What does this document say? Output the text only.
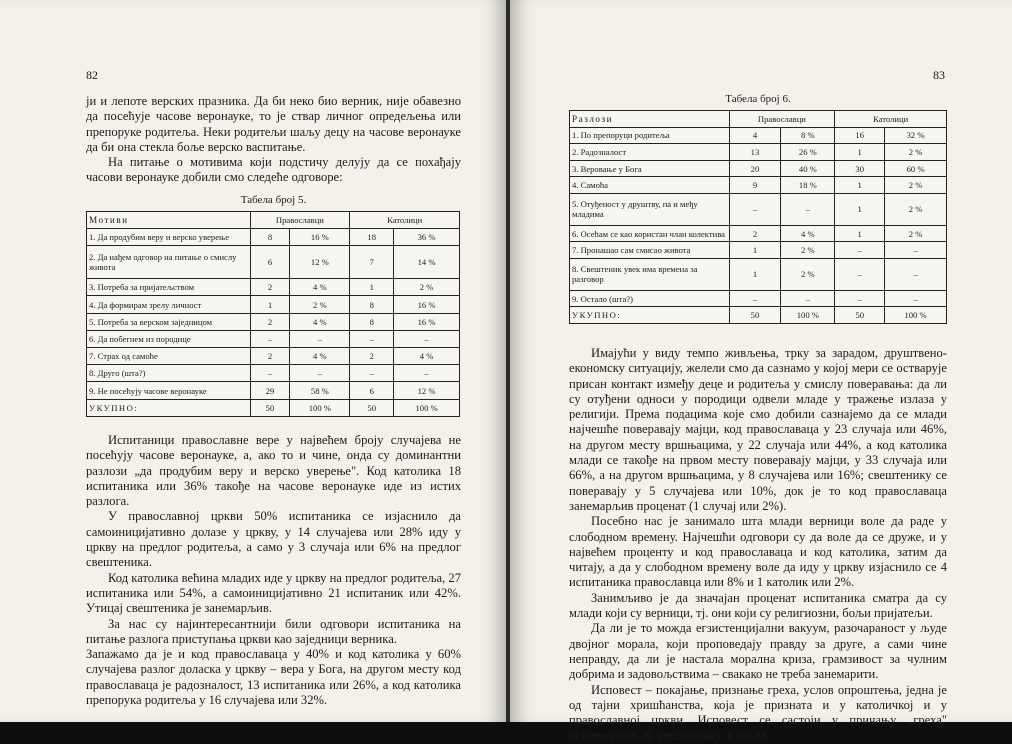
82

ји и лепоте верских празника. Да би неко био верник, није обавезно да посећује часове веронауке, то је ствар личног опредељења или препоруке родитеља. Неки родитељи шаљу децу на часове веронауке да би она стекла боље верско васпитање.

На питање о мотивима који подстичу делују да се похађају часови веронауке добили смо следеће одговоре:

Табела број 5.
Мотиви	Православци		Католици	
1. Да продубим веру и верско уверење	8	16 %	18	36 %
2. Да нађем одговор на питање о смислу живота	6	12 %	7	14 %
3. Потреба за пријатељством	2	4 %	1	2 %
4. Да формирам зрелу личност	1	2 %	8	16 %
5. Потреба за верском заједницом	2	4 %	8	16 %
6. Да побегнем из породице	–	–	–	–
7. Страх од самоће	2	4 %	2	4 %
8. Друго (шта?)	–	–	–	–
9. Не посећују часове веронауке	29	58 %	6	12 %
УКУПНО:	50	100 %	50	100 %

Испитаници православне вере у највећем броју случајева не посећују часове веронауке, а, ако то и чине, онда су доминантни разлози „да продубим веру и верско уверење". Код католика 18 испитаника или 36% такође на часове веронауке иде из истих разлога.

У православној цркви 50% испитаника се изјаснило да самоиницијативно долазе у цркву, у 14 случајева или 28% иду у цркву на предлог родитеља, а само у 3 случаја или 6% на предлог свештеника.

Код католика већина младих иде у цркву на предлог родитеља, 27 испитаника или 54%, а самоиницијативно 21 испитаник или 42%. Утицај свештеника је занемарљив.

За нас су најинтересантнији били одговори испитаника на питање разлога приступања цркви као заједници верника.

Запажамо да је и код православаца у 40% и код католика у 60% случајева разлог доласка у цркву – вера у Бога, на другом месту код православаца је радозналост, 13 испитаника или 26%, а код католика препорука родитеља у 16 случајева или 32%.

83
Табела број 6.
Разлози	Православци		Католици	
1. По препоруци родитеља	4	8 %	16	32 %
2. Радозналост	13	26 %	1	2 %
3. Веровање у Бога	20	40 %	30	60 %
4. Самоћа	9	18 %	1	2 %
5. Отуђеност у друштву, па и међу младима	–	–	1	2 %
6. Осећам се као користан члан колектива	2	4 %	1	2 %
7. Пронашао сам смисао живота	1	2 %	–	–
8. Свештеник увек има времена за разговор	1	2 %	–	–
9. Остало (шта?)	–	–	–	–
УКУПНО:	50	100 %	50	100 %

Имајући у виду темпо живљења, трку за зарадом, друштвено-економску ситуацију, желели смо да сазнамо у којој мери се остварује присан контакт између деце и родитеља у смислу поверавања: да ли су отуђени односи у породици одвели младе у тражење излаза у религији. Према подацима које смо добили сазнајемо да се млади најчешће поверавају мајци, код православаца у 23 случаја или 46%, на другом месту вршњацима, у 22 случаја или 44%, а код католика млади се такође на првом месту поверавају мајци, у 33 случаја или 66%, а на другом вршњацима, у 8 случајева или 16%; свештенику се поверавају у 5 случајева или 10%, док је то код православаца занемарљив проценат (1 случај или 2%).

Посебно нас је занимало шта млади верници воле да раде у слободном времену. Најчешћи одговори су да воле да се друже, и у највећем проценту и код православаца и код католика, затим да читају, а да у слободном времену воле да иду у цркву изјаснило се 4 испитаника православца или 8% и 1 католик или 2%.

Занимљиво је да значајан проценат испитаника сматра да су млади који су верници, тј. они који су религиозни, бољи пријатељи.

Да ли је то можда егзистенцијални вакуум, разочараност у људе двојног морала, који проповедају правду за друге, а сами чине неправду, да ли је настала морална криза, грамзивост за чулним добрима и задовољствима – свакако не треба занемарити.

Исповест – покајање, признање греха, услов опроштења, једна је од тајни хришћанства, која је призната и у католичкој и у православној цркви. Исповест се састоји у причању „греха" исповеднику, тј. свештенику, а после
